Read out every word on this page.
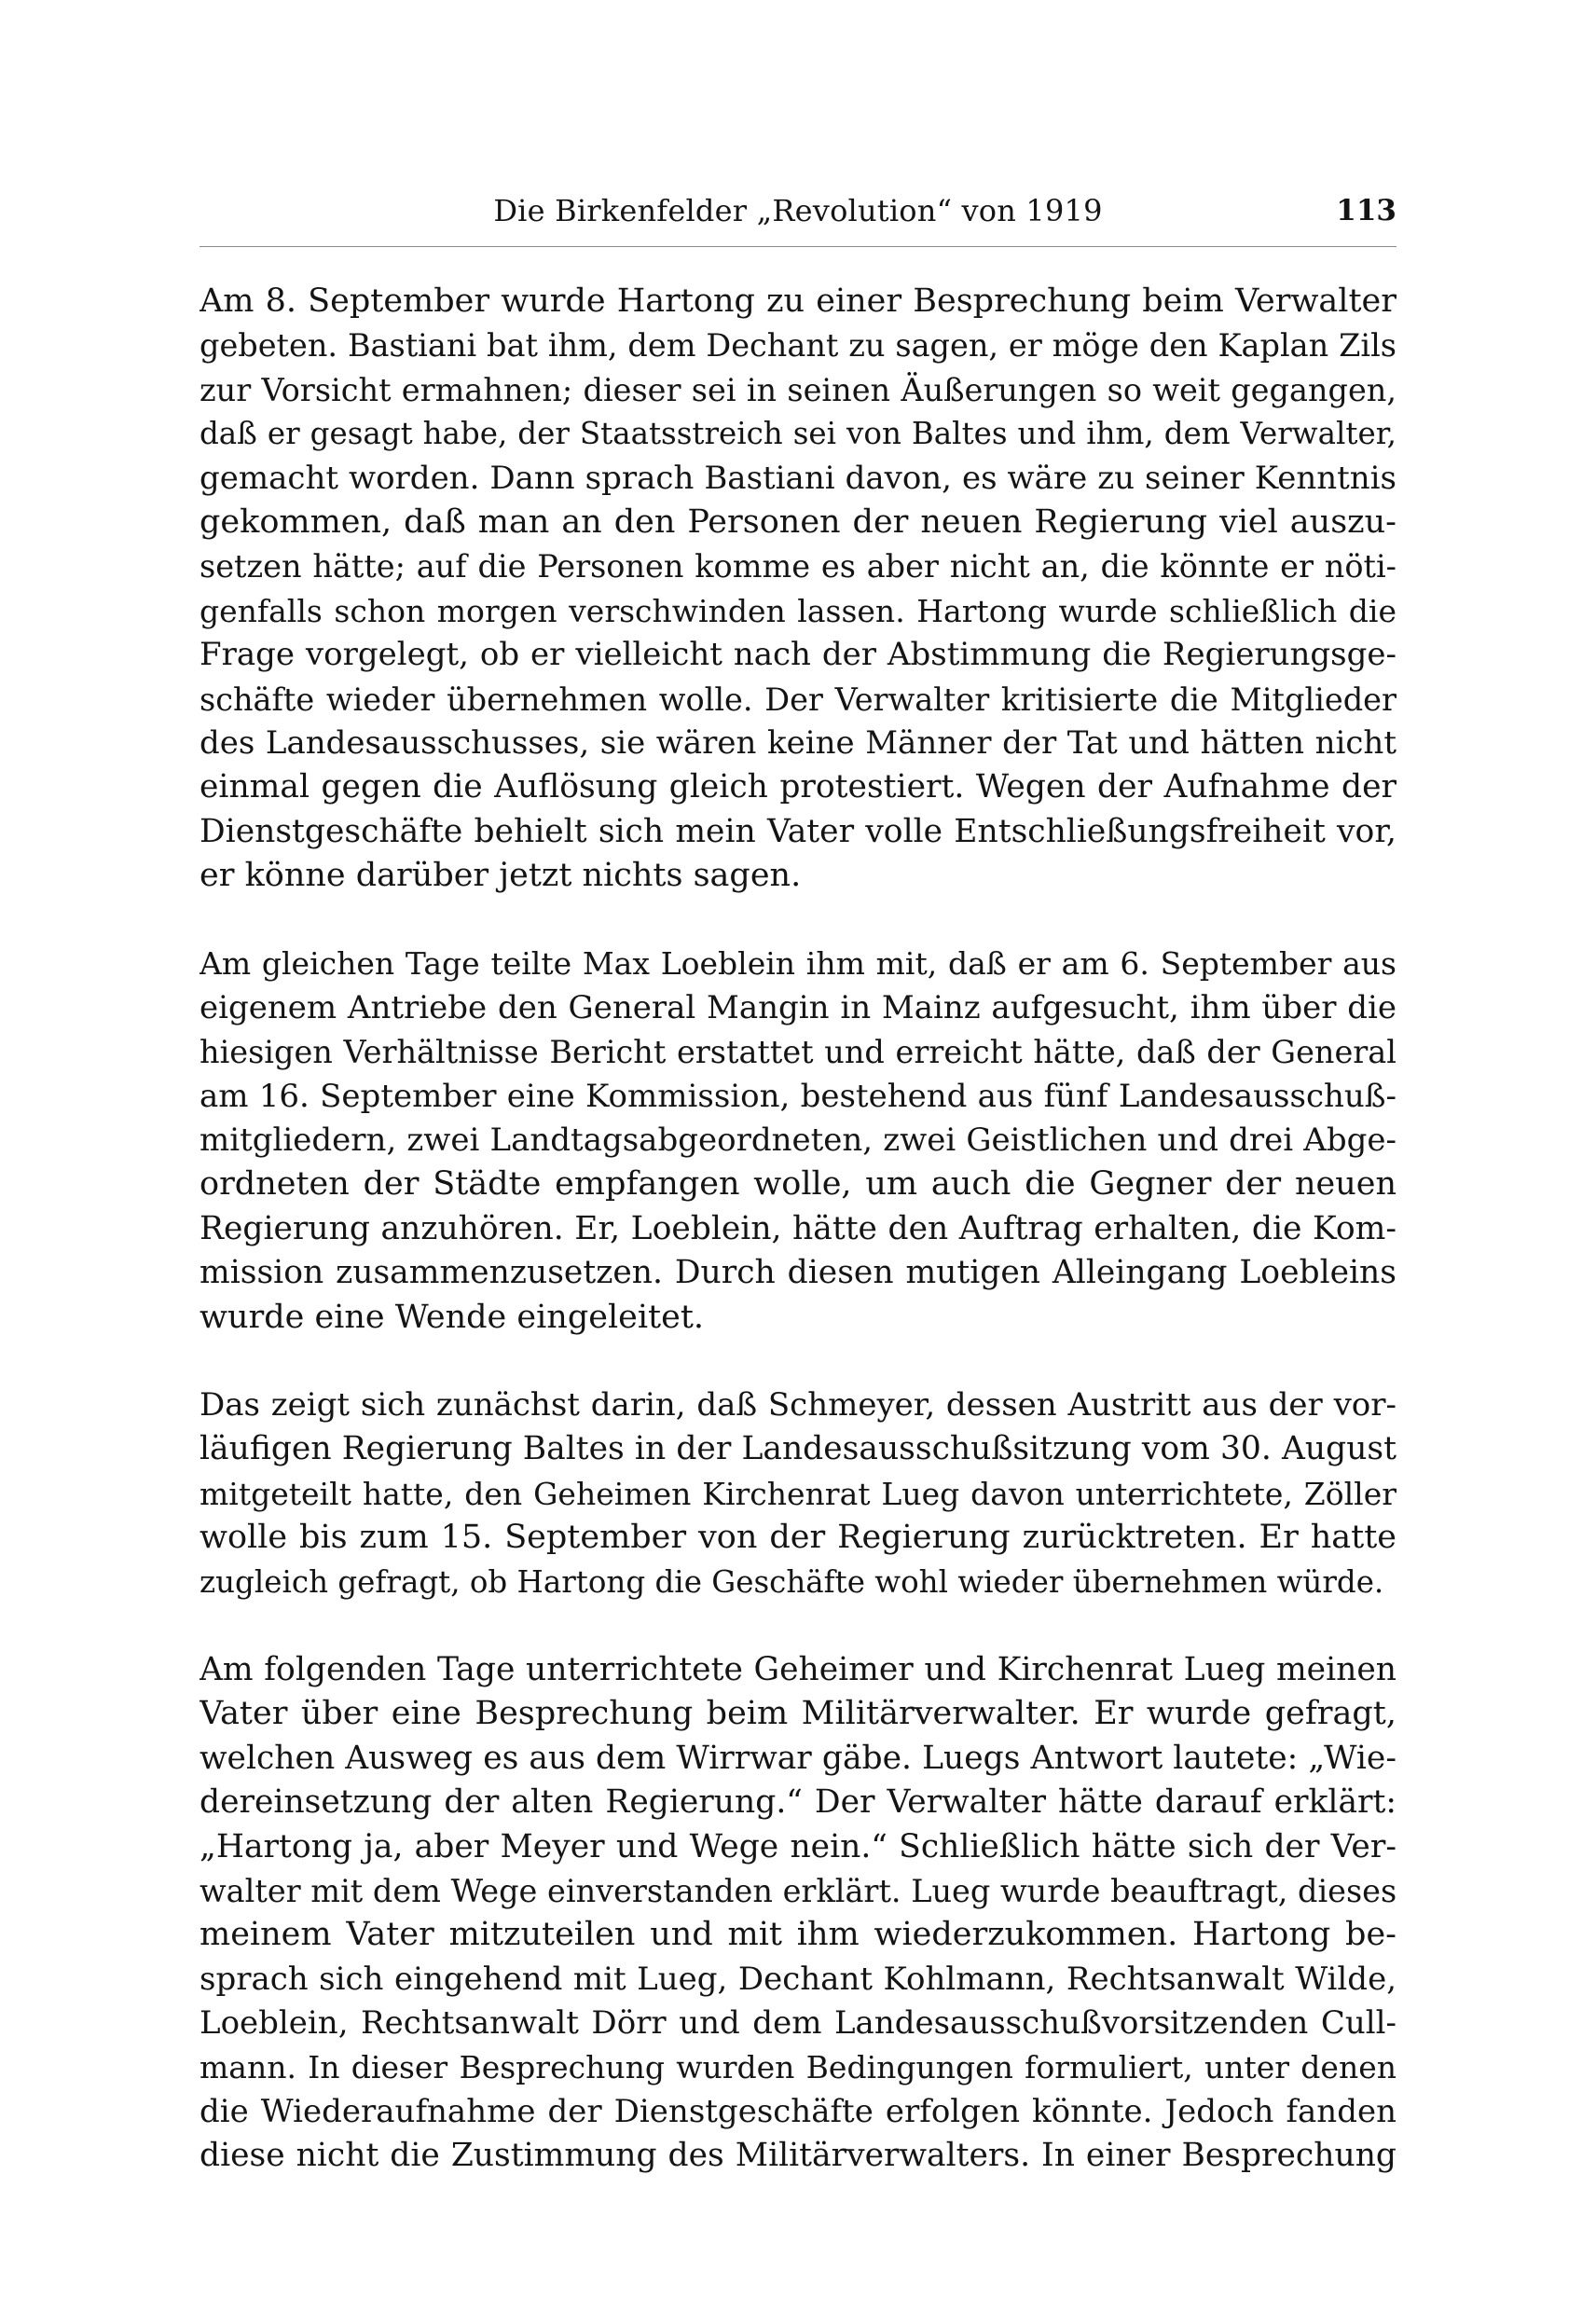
Die Birkenfelder „Revolution“ von 1919	113
Am 8. September wurde Hartong zu einer Besprechung beim Verwalter
gebeten. Bastiani bat ihm, dem Dechant zu sagen, er möge den Kaplan Zils
zur Vorsicht ermahnen; dieser sei in seinen Äußerungen so weit gegangen,
daß er gesagt habe, der Staatsstreich sei von Baltes und ihm, dem Verwalter,
gemacht worden. Dann sprach Bastiani davon, es wäre zu seiner Kenntnis
gekommen, daß man an den Personen der neuen Regierung viel auszu-
setzen hätte; auf die Personen komme es aber nicht an, die könnte er nöti-
genfalls schon morgen verschwinden lassen. Hartong wurde schließlich die
Frage vorgelegt, ob er vielleicht nach der Abstimmung die Regierungsge-
schäfte wieder übernehmen wolle. Der Verwalter kritisierte die Mitglieder
des Landesausschusses, sie wären keine Männer der Tat und hätten nicht
einmal gegen die Auflösung gleich protestiert. Wegen der Aufnahme der
Dienstgeschäfte behielt sich mein Vater volle Entschließungsfreiheit vor,
er könne darüber jetzt nichts sagen.
Am gleichen Tage teilte Max Loeblein ihm mit, daß er am 6. September aus
eigenem Antriebe den General Mangin in Mainz aufgesucht, ihm über die
hiesigen Verhältnisse Bericht erstattet und erreicht hätte, daß der General
am 16. September eine Kommission, bestehend aus fünf Landesausschuß-
mitgliedern, zwei Landtagsabgeordneten, zwei Geistlichen und drei Abge-
ordneten der Städte empfangen wolle, um auch die Gegner der neuen
Regierung anzuhören. Er, Loeblein, hätte den Auftrag erhalten, die Kom-
mission zusammenzusetzen. Durch diesen mutigen Alleingang Loebleins
wurde eine Wende eingeleitet.
Das zeigt sich zunächst darin, daß Schmeyer, dessen Austritt aus der vor-
läufigen Regierung Baltes in der Landesausschußsitzung vom 30. August
mitgeteilt hatte, den Geheimen Kirchenrat Lueg davon unterrichtete, Zöller
wolle bis zum 15. September von der Regierung zurücktreten. Er hatte
zugleich gefragt, ob Hartong die Geschäfte wohl wieder übernehmen würde.
Am folgenden Tage unterrichtete Geheimer und Kirchenrat Lueg meinen
Vater über eine Besprechung beim Militärverwalter. Er wurde gefragt,
welchen Ausweg es aus dem Wirrwar gäbe. Luegs Antwort lautete: „Wie-
dereinsetzung der alten Regierung.“ Der Verwalter hätte darauf erklärt:
„Hartong ja, aber Meyer und Wege nein.“ Schließlich hätte sich der Ver-
walter mit dem Wege einverstanden erklärt. Lueg wurde beauftragt, dieses
meinem Vater mitzuteilen und mit ihm wiederzukommen. Hartong be-
sprach sich eingehend mit Lueg, Dechant Kohlmann, Rechtsanwalt Wilde,
Loeblein, Rechtsanwalt Dörr und dem Landesausschußvorsitzenden Cull-
mann. In dieser Besprechung wurden Bedingungen formuliert, unter denen
die Wiederaufnahme der Dienstgeschäfte erfolgen könnte. Jedoch fanden
diese nicht die Zustimmung des Militärverwalters. In einer Besprechung
